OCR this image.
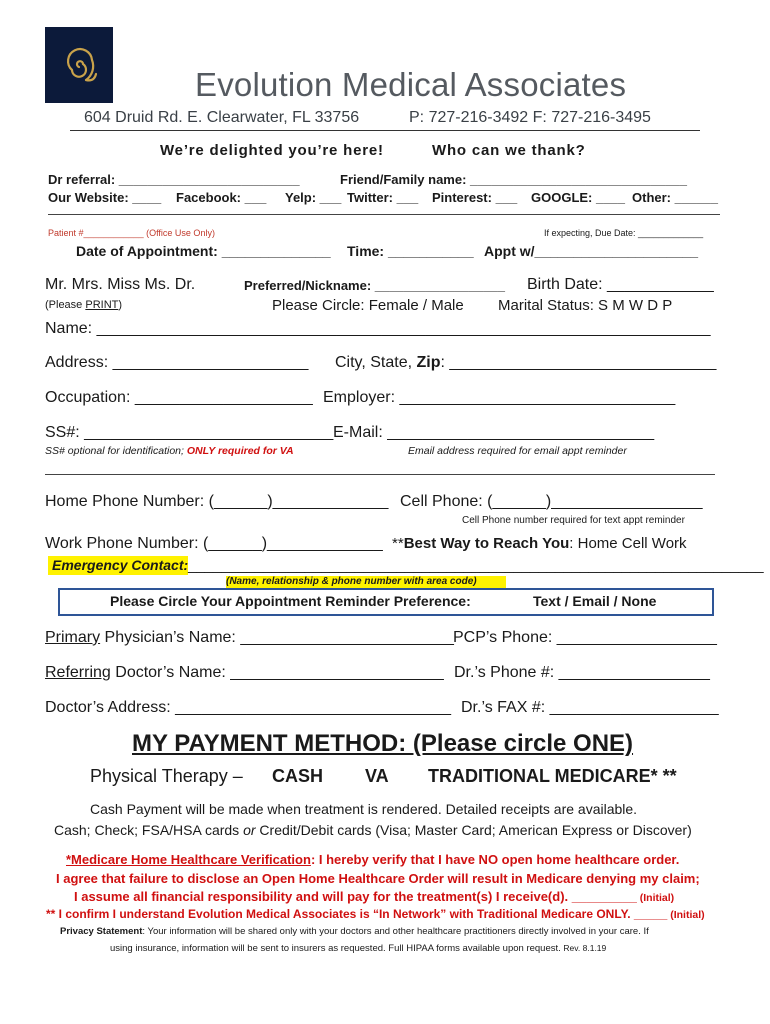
Evolution Medical Associates
604 Druid Rd. E. Clearwater, FL 33756	P: 727-216-3492 F: 727-216-3495
We’re delighted you’re here!	Who can we thank?
Dr referral: _________________________	Friend/Family name: ______________________________
Our Website: ____ Facebook: ___ Yelp: ___ Twitter: ___ Pinterest: ___ GOOGLE: ____ Other: ______
Patient #____________ (Office Use Only)	If expecting, Due Date: _____________
Date of Appointment: ______________ Time: ___________ Appt w/_____________________
Mr. Mrs. Miss Ms. Dr.	Preferred/Nickname: __________________ Birth Date: ____________
(Please PRINT)	Please Circle: Female / Male Marital Status: S M W D P
Name: _____________________________________________________________________
Address: ______________________ City, State, Zip: ______________________________
Occupation: ____________________ Employer: _______________________________
SS#: ____________________________ E-Mail: ______________________________
SS# optional for identification; ONLY required for VA	Email address required for email appt reminder
Home Phone Number: (______)_____________ Cell Phone: (______)_________________
Cell Phone number required for text appt reminder
Work Phone Number: (______)_____________ **Best Way to Reach You: Home Cell Work
Emergency Contact: _____________________________________________________________________
(Name, relationship & phone number with area code)
Please Circle Your Appointment Reminder Preference:	Text / Email / None
Primary Physician’s Name: ________________________ PCP’s Phone: __________________
Referring Doctor’s Name: ________________________ Dr.’s Phone #: _________________
Doctor’s Address: _______________________________ Dr.’s FAX #: ___________________
MY PAYMENT METHOD: (Please circle ONE)
Physical Therapy – CASH VA TRADITIONAL MEDICARE* **
Cash Payment will be made when treatment is rendered. Detailed receipts are available.
Cash; Check; FSA/HSA cards or Credit/Debit cards (Visa; Master Card; American Express or Discover)
*Medicare Home Healthcare Verification: I hereby verify that I have NO open home healthcare order.
I agree that failure to disclose an Open Home Healthcare Order will result in Medicare denying my claim;
I assume all financial responsibility and will pay for the treatment(s) I receive(d). _________ (Initial)
** I confirm I understand Evolution Medical Associates is “In Network” with Traditional Medicare ONLY. _____ (Initial)
Privacy Statement: Your information will be shared only with your doctors and other healthcare practitioners directly involved in your care. If
using insurance, information will be sent to insurers as requested. Full HIPAA forms available upon request. Rev. 8.1.19
